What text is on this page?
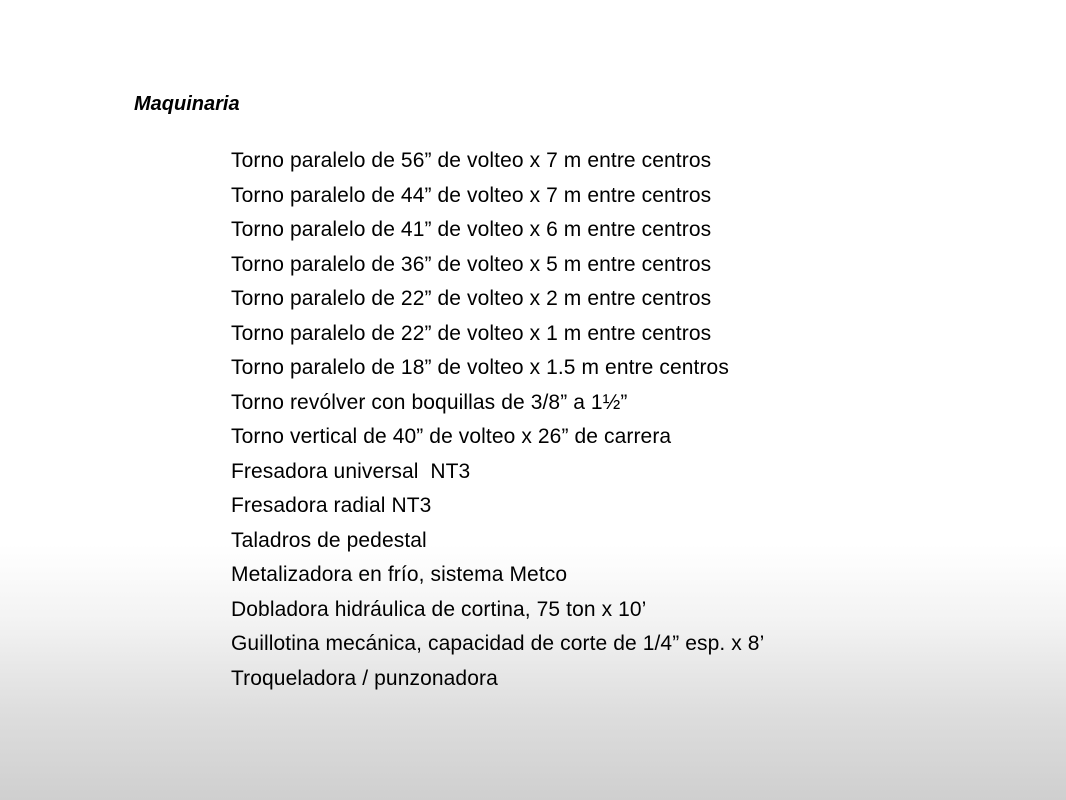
Maquinaria
Torno paralelo de 56” de volteo x 7 m entre centros
Torno paralelo de 44” de volteo x 7 m entre centros
Torno paralelo de 41” de volteo x 6 m entre centros
Torno paralelo de 36” de volteo x 5 m entre centros
Torno paralelo de 22” de volteo x 2 m entre centros
Torno paralelo de 22” de volteo x 1 m entre centros
Torno paralelo de 18” de volteo x 1.5 m entre centros
Torno revólver con boquillas de 3/8” a 1½”
Torno vertical de 40” de volteo x 26” de carrera
Fresadora universal  NT3
Fresadora radial NT3
Taladros de pedestal
Metalizadora en frío, sistema Metco
Dobladora hidráulica de cortina, 75 ton x 10’
Guillotina mecánica, capacidad de corte de 1/4” esp. x 8’
Troqueladora / punzonadora
